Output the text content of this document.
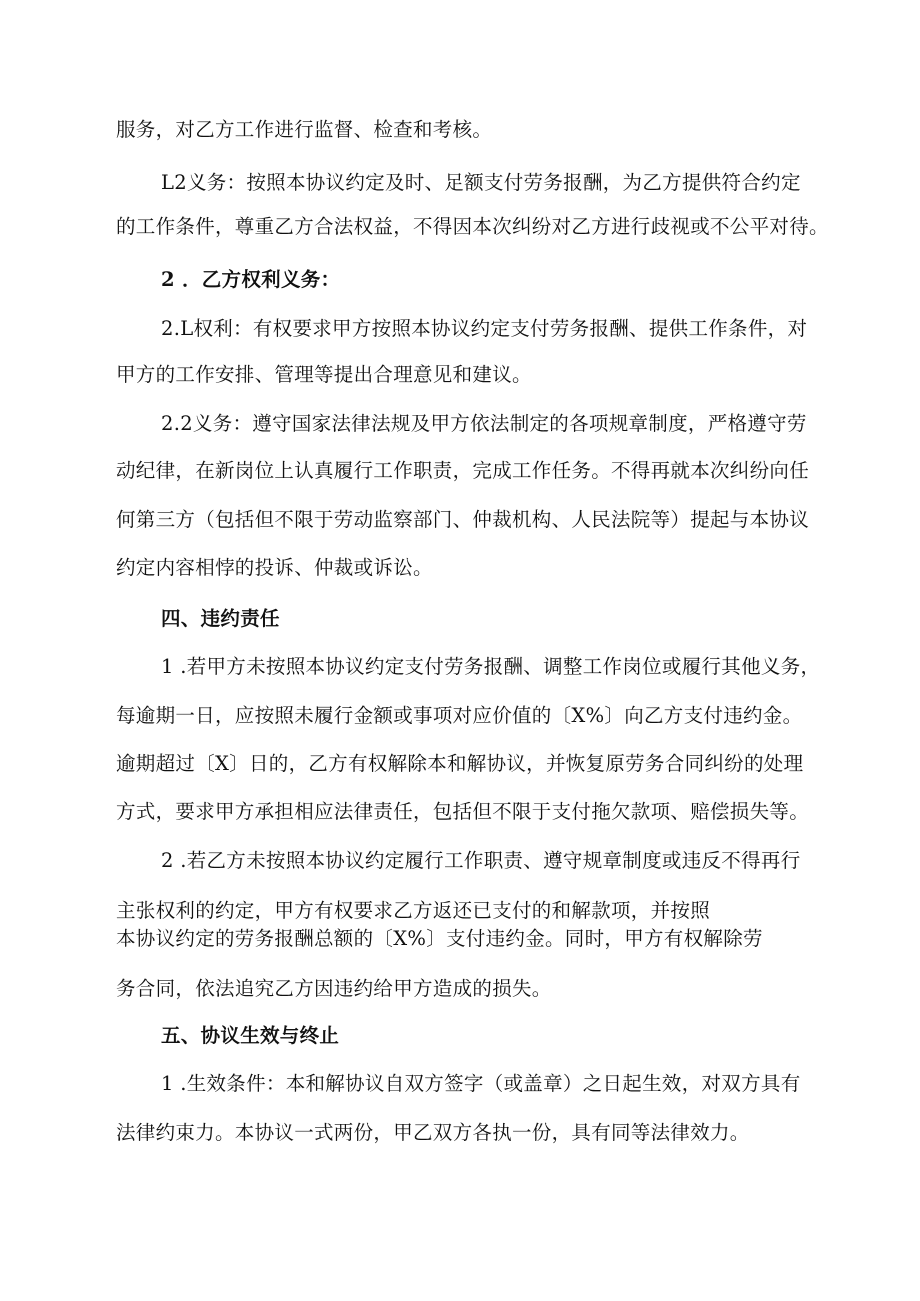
服务，对乙方工作进行监督、检查和考核。
L2义务：按照本协议约定及时、足额支付劳务报酬，为乙方提供符合约定
的工作条件，尊重乙方合法权益，不得因本次纠纷对乙方进行歧视或不公平对待。
2 ．乙方权利义务：
2.L权利：有权要求甲方按照本协议约定支付劳务报酬、提供工作条件，对
甲方的工作安排、管理等提出合理意见和建议。
2.2义务：遵守国家法律法规及甲方依法制定的各项规章制度，严格遵守劳
动纪律，在新岗位上认真履行工作职责，完成工作任务。不得再就本次纠纷向任
何第三方（包括但不限于劳动监察部门、仲裁机构、人民法院等）提起与本协议
约定内容相悖的投诉、仲裁或诉讼。
四、违约责任
1 .若甲方未按照本协议约定支付劳务报酬、调整工作岗位或履行其他义务，
每逾期一日，应按照未履行金额或事项对应价值的〔X%〕向乙方支付违约金。
逾期超过〔X〕日的，乙方有权解除本和解协议，并恢复原劳务合同纠纷的处理
方式，要求甲方承担相应法律责任，包括但不限于支付拖欠款项、赔偿损失等。
2 .若乙方未按照本协议约定履行工作职责、遵守规章制度或违反不得再行
主张权利的约定，甲方有权要求乙方返还已支付的和解款项，并按照
本协议约定的劳务报酬总额的〔X%〕支付违约金。同时，甲方有权解除劳
务合同，依法追究乙方因违约给甲方造成的损失。
五、协议生效与终止
1 .生效条件：本和解协议自双方签字（或盖章）之日起生效，对双方具有
法律约束力。本协议一式两份，甲乙双方各执一份，具有同等法律效力。
